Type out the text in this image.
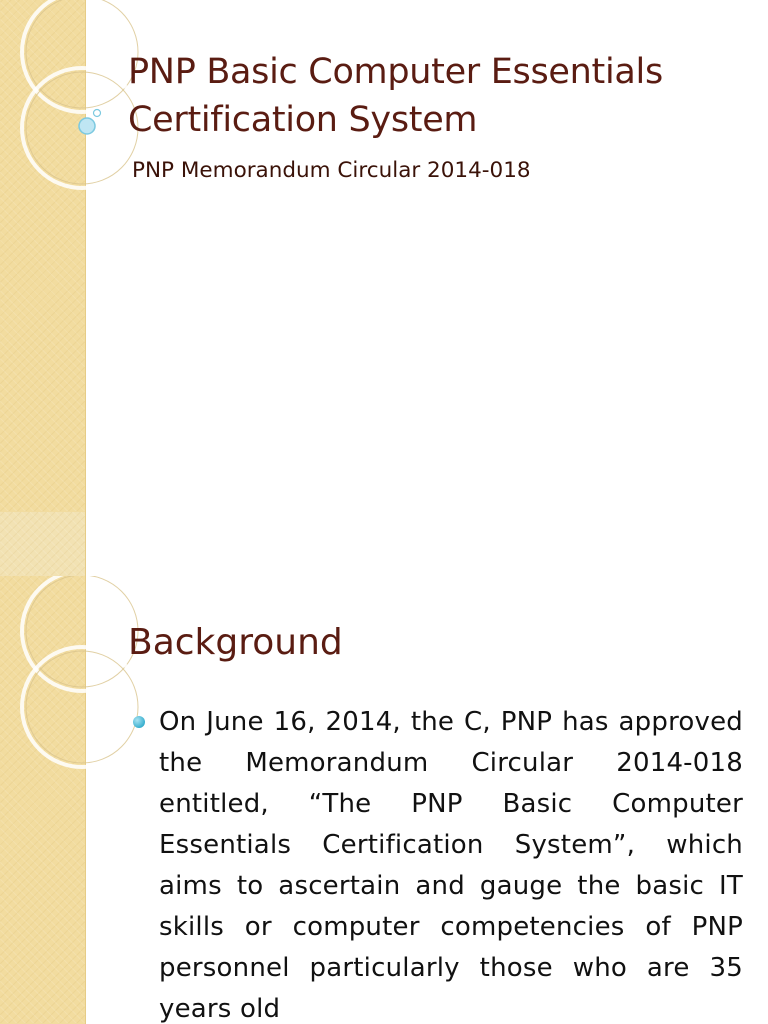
PNP Basic Computer Essentials Certification System

PNP Memorandum Circular 2014-018

Background

On June 16, 2014, the C, PNP has approved the Memorandum Circular 2014-018 entitled, “The PNP Basic Computer Essentials Certification System”, which aims to ascertain and gauge the basic IT skills or computer competencies of PNP personnel particularly those who are 35 years old
